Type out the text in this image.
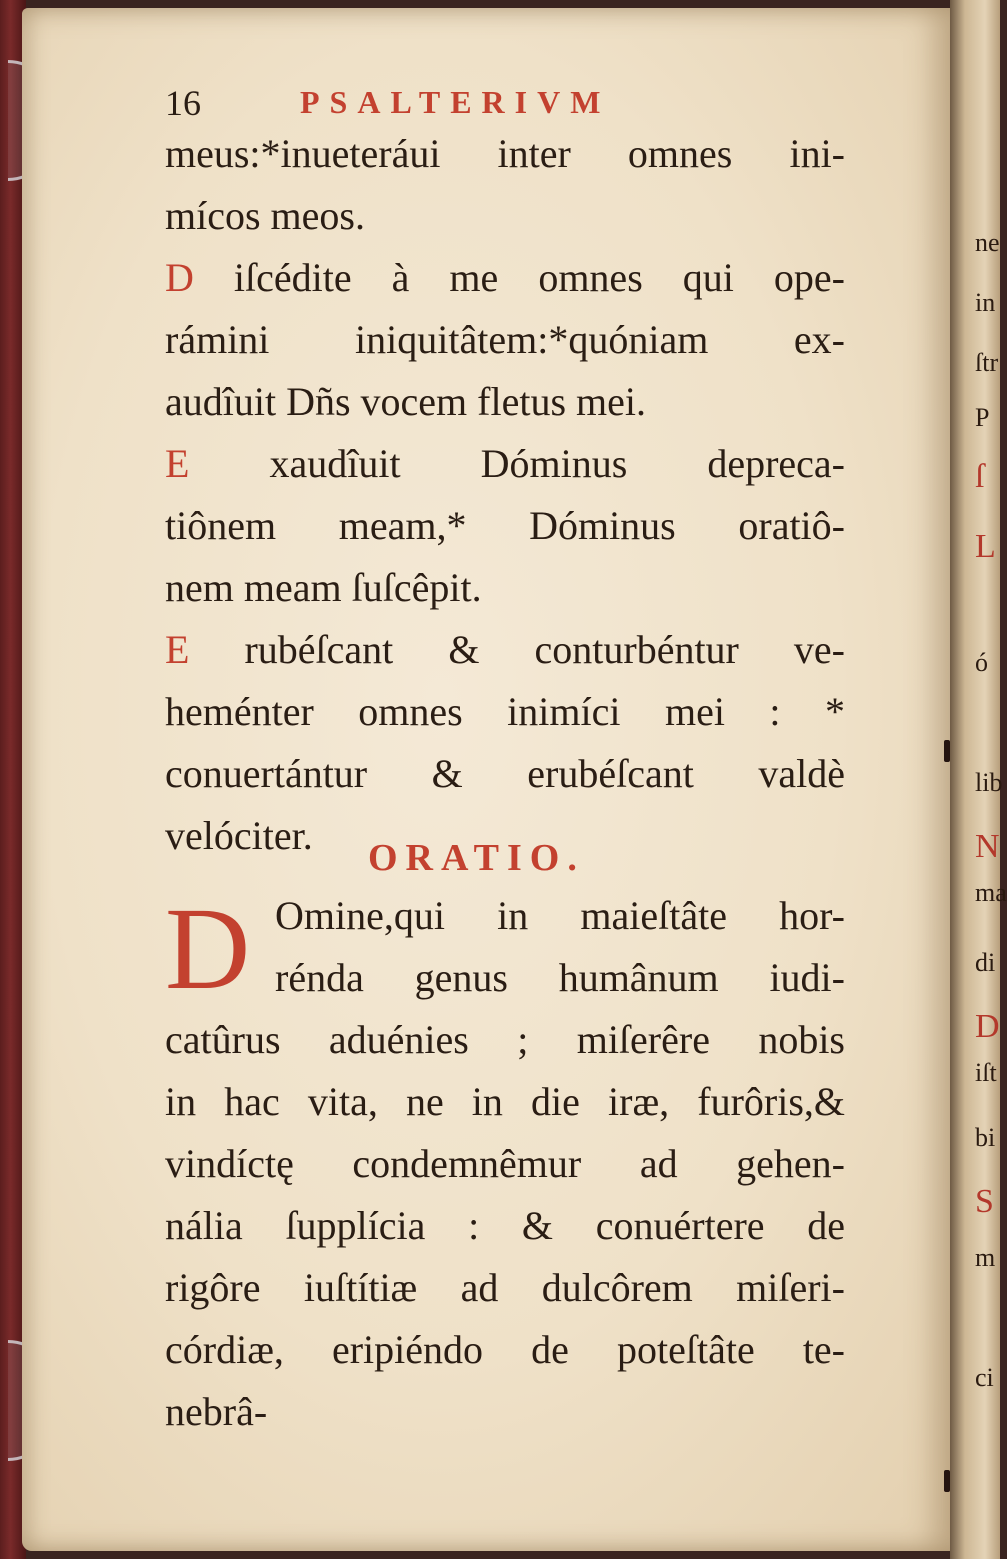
ne
in
ſtr
P
ſ
L
ó
lib
N
ma
di
D
iſt
bi
S
m
ci
16	PSALTERIVM
meus:*inueteráui inter omnes ini-
mícos meos.
D iſcédite à me omnes qui ope-
rámini iniquitâtem:*quóniam ex-
audîuit Dñs vocem fletus mei.
E xaudîuit Dóminus depreca-
tiônem meam,* Dóminus oratiô-
nem meam ſuſcêpit.
E rubéſcant & conturbéntur ve-
heménter omnes inimíci mei : *
conuertántur & erubéſcant valdè
velóciter. ORATIO.
D Omine,qui in maieſtâte hor-
rénda genus humânum iudi-
catûrus aduénies ; miſerêre nobis
in hac vita, ne in die iræ, furôris,&
vindíctę condemnêmur ad gehen-
nália ſupplícia : & conuértere de
rigôre iuſtítiæ ad dulcôrem miſeri-
córdiæ, eripiéndo de poteſtâte te-
nebrâ-
